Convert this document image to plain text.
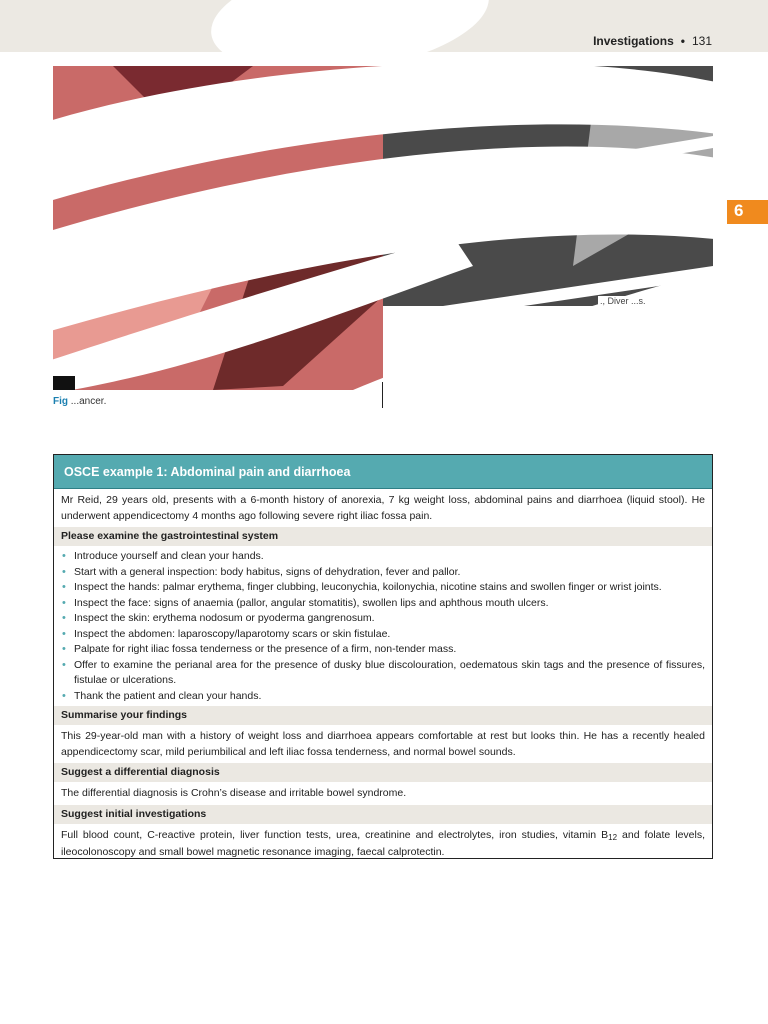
Investigations • 131
6
., Diver ...s.
Fig ...ancer.
OSCE example 1: Abdominal pain and diarrhoea
Mr Reid, 29 years old, presents with a 6-month history of anorexia, 7 kg weight loss, abdominal pains and diarrhoea (liquid stool). He underwent appendicectomy 4 months ago following severe right iliac fossa pain.
Please examine the gastrointestinal system
• Introduce yourself and clean your hands.
• Start with a general inspection: body habitus, signs of dehydration, fever and pallor.
• Inspect the hands: palmar erythema, finger clubbing, leuconychia, koilonychia, nicotine stains and swollen finger or wrist joints.
• Inspect the face: signs of anaemia (pallor, angular stomatitis), swollen lips and aphthous mouth ulcers.
• Inspect the skin: erythema nodosum or pyoderma gangrenosum.
• Inspect the abdomen: laparoscopy/laparotomy scars or skin fistulae.
• Palpate for right iliac fossa tenderness or the presence of a firm, non-tender mass.
• Offer to examine the perianal area for the presence of dusky blue discolouration, oedematous skin tags and the presence of fissures, fistulae or ulcerations.
• Thank the patient and clean your hands.
Summarise your findings
This 29-year-old man with a history of weight loss and diarrhoea appears comfortable at rest but looks thin. He has a recently healed appendicectomy scar, mild periumbilical and left iliac fossa tenderness, and normal bowel sounds.
Suggest a differential diagnosis
The differential diagnosis is Crohn’s disease and irritable bowel syndrome.
Suggest initial investigations
Full blood count, C-reactive protein, liver function tests, urea, creatinine and electrolytes, iron studies, vitamin $B_{12}$ and folate levels, ileocolonoscopy and small bowel magnetic resonance imaging, faecal calprotectin.
